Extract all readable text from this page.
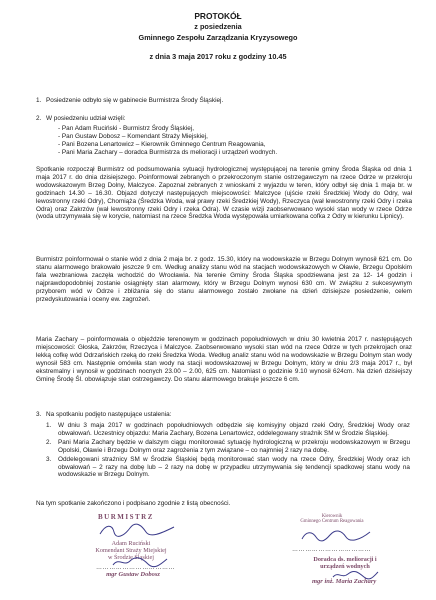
PROTOKÓŁ
z posiedzenia
Gminnego Zespołu Zarządzania Kryzysowego
z dnia 3 maja 2017 roku z godziny 10.45
1. Posiedzenie odbyło się w gabinecie Burmistrza Środy Śląskiej.
2. W posiedzeniu udział wzięli:
- Pan Adam Ruciński - Burmistrz Środy Śląskiej,
- Pan Gustaw Dobosz – Komendant Straży Miejskiej,
- Pani Bozena Lenartowicz – Kierownik Gminnego Centrum Reagowania,
- Pani Maria Zachary – doradca Burmistrza ds melioracji i urządzeń wodnych.
Spotkanie rozpoczął Burmistrz od podsumowania sytuacji hydrologicznej występującej na terenie gminy Środa Śląska od dnia 1 maja 2017 r. do dnia dzisiejszego. Poinformował zebranych o przekroczonym stanie ostrzegawczym na rzece Odrze w przekroju wodowskazowym Brzeg Dolny, Malczyce. Zapoznał zebranych z wnioskami z wyjazdu w teren, który odbył się dnia 1 maja br. w godzinach 14.30 – 16.30. Objazd dotyczył następujących miejscowości: Malczyce (ujście rzeki Średzkiej Wody do Odry, wał lewostronny rzeki Odry), Chomiąża (Średzka Woda, wał prawy rzeki Średzkiej Wody), Rzeczyca (wał lewostronny rzeki Odry i rzeka Odra) oraz Zakrzów (wał lewostronny rzeki Odry i rzeka Odra). W czasie wizji zaobserwowano wysoki stan wody w rzece Odrze (woda utrzymywała się w korycie, natomiast na rzece Średzka Woda występowała umiarkowana cofka z Odry w kierunku Lipnicy).
Burmistrz poinformował o stanie wód z dnia 2 maja br. z godz. 15.30, który na wodowskazie w Brzegu Dolnym wynosił 621 cm. Do stanu alarmowego brakowało jeszcze 9 cm. Według analizy stanu wód na stacjach wodowskazowych w Oławie, Brzegu Opolskim fala wezbraniowa zaczęła wchodzić do Wrocławia. Na terenie Gminy Środa Śląska spodziewana jest za 12- 14 godzin i najprawdopodobniej zostanie osiągnięty stan alarmowy, który w Brzegu Dolnym wynosi 630 cm. W związku z sukcesywnym przyborem wód w Odrze i zbliżania się do stanu alarmowego zostało zwołane na dzień dzisiejsze posiedzenie, celem przedyskutowania i oceny ew. zagrożeń.
Maria Zachary – poinformowała o objeździe terenowym w godzinach popołudniowych w dniu 30 kwietnia 2017 r. następujących miejscowości: Głoska, Zakrzów, Rzeczyca i Malczyce. Zaobserwowano wysoki stan wód na rzece Odrze w tych przekrojach oraz lekką cofkę wód Odrzańskich rzeką do rzeki Średzka Woda. Według analiz stanu wód na wodowskazie w Brzegu Dolnym stan wody wynosił 583 cm. Następnie omówiła stan wody na stacji wodowskazowej w Brzegu Dolnym, który w dniu 2/3 maja 2017 r., był ekstremalny i wynosił w godzinach nocnych 23.00 – 2.00, 625 cm. Natomiast o godzinie 9.10 wynosił 624cm. Na dzień dzisiejszy Gminę Środę Śl. obowiązuje stan ostrzegawczy. Do stanu alarmowego brakuje jeszcze 6 cm.
3. Na spotkaniu podjęto następujące ustalenia:
1. W dniu 3 maja 2017 w godzinach popołudniowych odbędzie się komisyjny objazd rzeki Odry, Średzkiej Wody oraz obwałowań. Uczestnicy objazdu: Maria Zachary, Bozena Lenartowicz, oddelegowany strażnik SM w Środzie Śląskiej.
2. Pani Maria Zachary będzie w dalszym ciągu monitorować sytuację hydrologiczną w przekroju wodowskazowym w Brzegu Opolski, Oławie i Brzegu Dolnym oraz zagrożenia z tym związane – co najmniej 2 razy na dobę.
3. Oddelegowani strażnicy SM w Środzie Śląskiej będą monitorować stan wody na rzece Odry, Średzkiej Wody oraz ich obwałowań – 2 razy na dobę lub – 2 razy na dobę w przypadku utrzymywania się tendencji spadkowej stanu wody na wodowskazie w Brzegu Dolnym.
Na tym spotkanie zakończono i podpisano zgodnie z listą obecności.
BURMISTRZ
Adam Ruciński
Komendant Straży Miejskiej
w Środzie Śląskiej
………………………………
mgr Gustaw Dobosz
Kierownik
Gminnego Centrum Reagowania
………………………………
Doradca ds. melioracji i
urządzeń wodnych
mgr inż. Maria Zachary
